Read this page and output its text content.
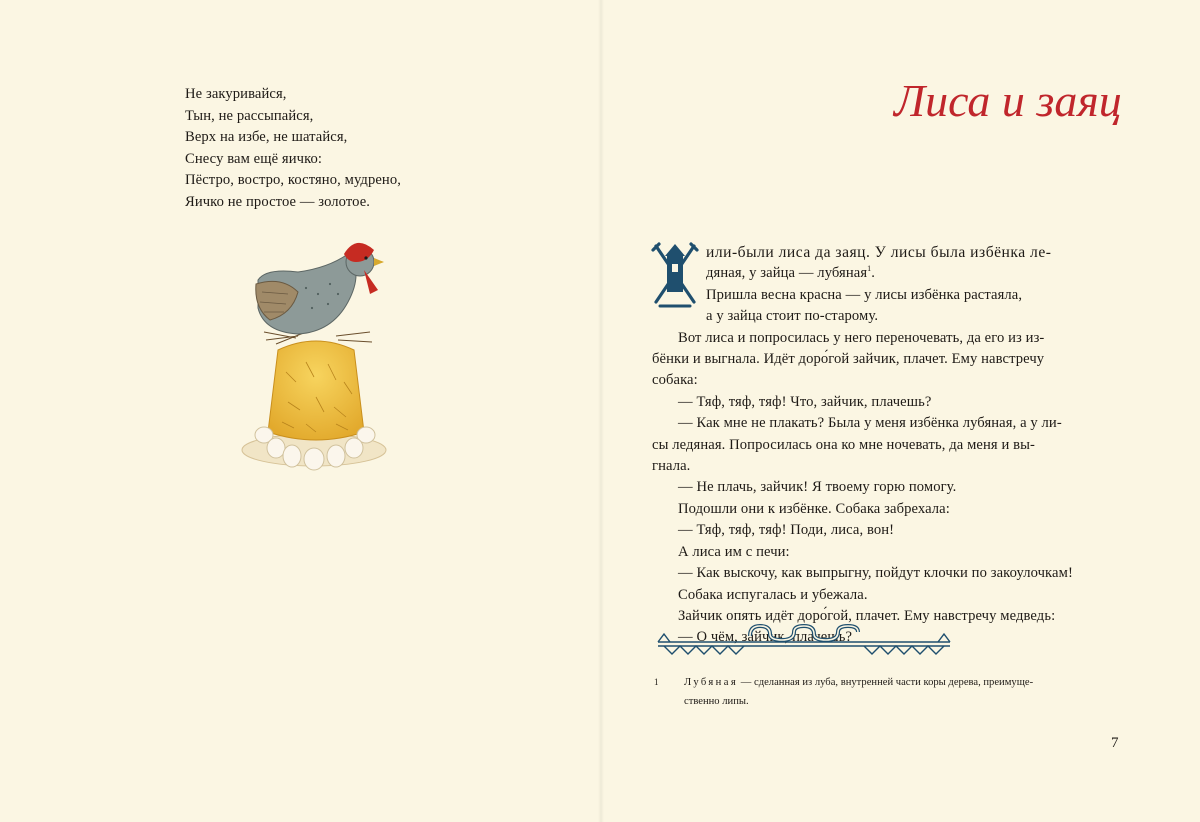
Не закуривайся,
Тын, не рассыпайся,
Верх на избе, не шатайся,
Снесу вам ещё яичко:
Пёстро, востро, костяно, мудрено,
Яичко не простое — золотое.
Лиса и заяц

или-были лиса да заяц. У лисы была избёнка ле-

дяная, у зайца — лубяная$^1$.

Пришла весна красна — у лисы избёнка растаяла,

а у зайца стоит по-старому.

Вот лиса и попросилась у него переночевать, да его из из-

бёнки и выгнала. Идёт доро́гой зайчик, плачет. Ему навстречу

собака:

— Тяф, тяф, тяф! Что, зайчик, плачешь?

— Как мне не плакать? Была у меня избёнка лубяная, а у ли-

сы ледяная. Попросилась она ко мне ночевать, да меня и вы-

гнала.

— Не плачь, зайчик! Я твоему горю помогу.

Подошли они к избёнке. Собака забрехала:

— Тяф, тяф, тяф! Поди, лиса, вон!

А лиса им с печи:

— Как выскочу, как выпрыгну, пойдут клочки по закоулочкам!

Собака испугалась и убежала.

Зайчик опять идёт доро́гой, плачет. Ему навстречу медведь:

— О чём, зайчик, плачешь?

1	Лубяная — сделанная из луба, внутренней части коры дерева, преимуще-
ственно липы.
7
